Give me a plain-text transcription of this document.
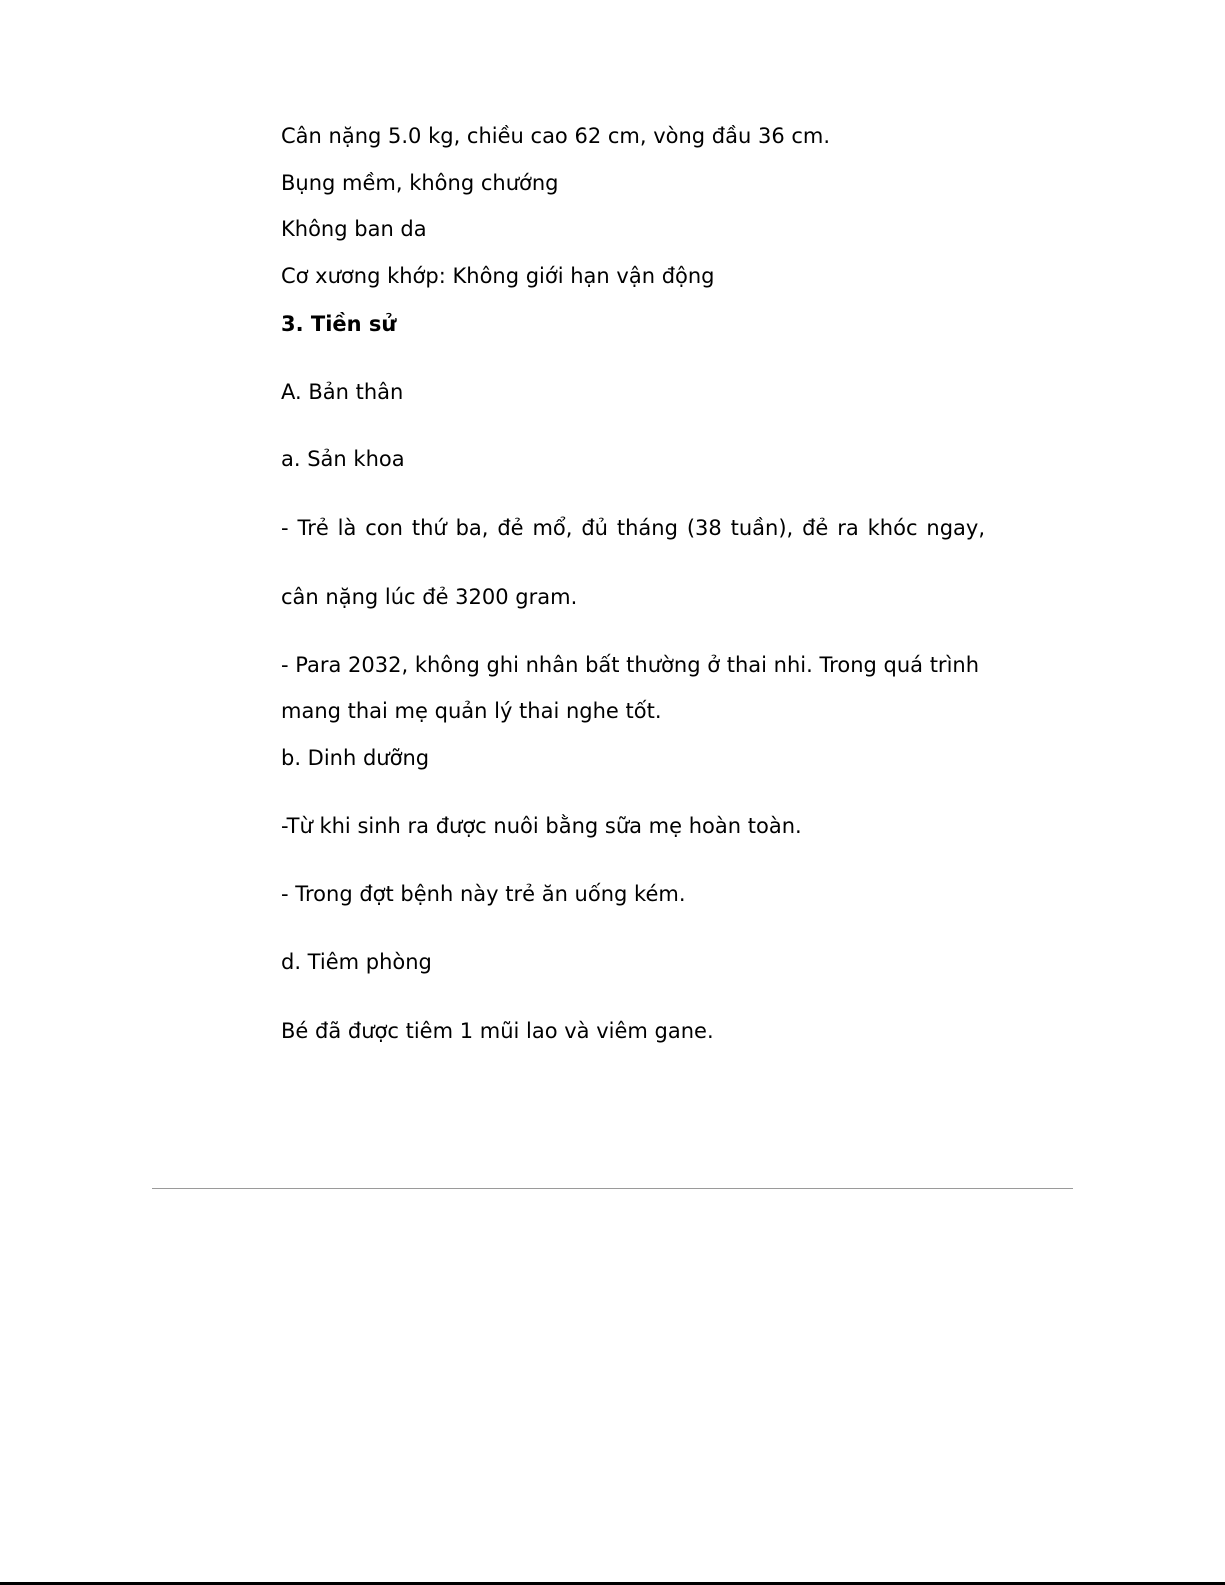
Cân nặng 5.0 kg, chiều cao 62 cm, vòng đầu 36 cm.
Bụng mềm, không chướng
Không ban da
Cơ xương khớp: Không giới hạn vận động
3. Tiền sử
A. Bản thân
a. Sản khoa
- Trẻ là con thứ ba, đẻ mổ, đủ tháng (38 tuần), đẻ ra khóc ngay,
cân nặng lúc đẻ 3200 gram.
- Para 2032, không ghi nhân bất thường ở thai nhi. Trong quá trình
mang thai mẹ quản lý thai nghe tốt.
b. Dinh dưỡng
-Từ khi sinh ra được nuôi bằng sữa mẹ hoàn toàn.
- Trong đợt bệnh này trẻ ăn uống kém.
d. Tiêm phòng
Bé đã được tiêm 1 mũi lao và viêm gane.
